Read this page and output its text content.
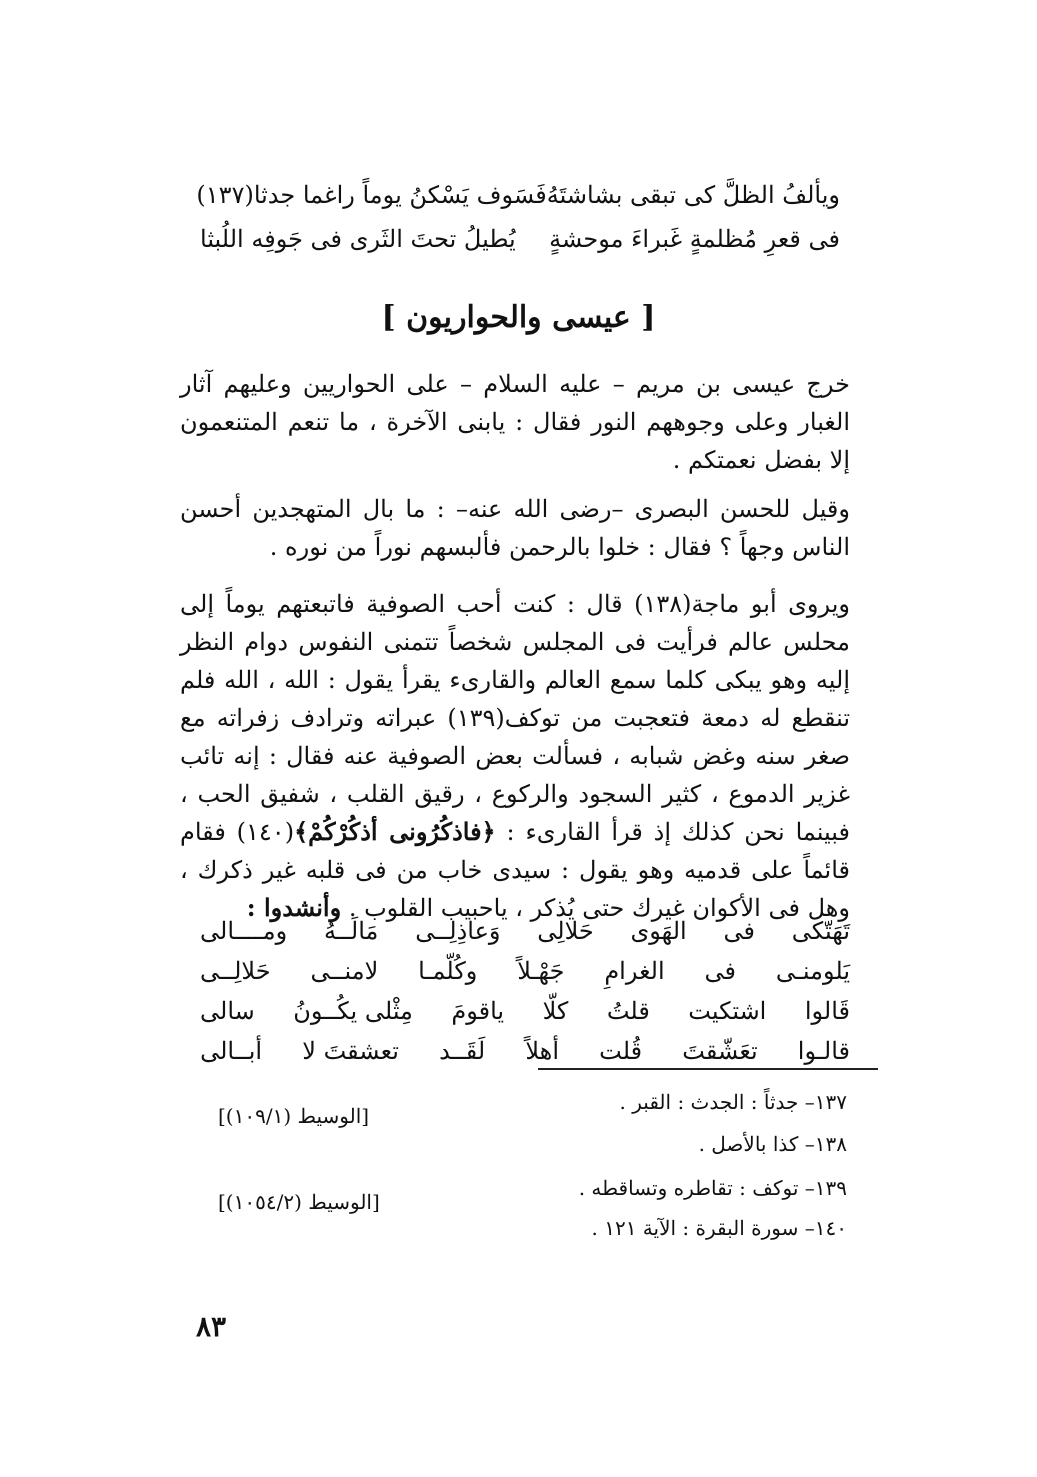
ويألفُ الظلَّ كى تبقى بشاشتَهُ
فَسَوف يَسْكنُ يوماً راغما جدثا(١٣٧)
فى قعرِ مُظلمةٍ غَبراءَ موحشةٍ
يُطيلُ تحتَ الثَرى فى جَوفِه اللُبثا
[ عيسى والحواريون ]
خرج عيسى بن مريم – عليه السلام – على الحواريين وعليهم آثار الغبار وعلى وجوههم النور فقال : يابنى الآخرة ، ما تنعم المتنعمون إلا بفضل نعمتكم .
وقيل للحسن البصرى –رضى الله عنه– : ما بال المتهجدين أحسن الناس وجهاً ؟ فقال : خلوا بالرحمن فألبسهم نوراً من نوره .
ويروى أبو ماجة(١٣٨) قال : كنت أحب الصوفية فاتبعتهم يوماً إلى محلس عالم فرأيت فى المجلس شخصاً تتمنى النفوس دوام النظر إليه وهو يبكى كلما سمع العالم والقارىء يقرأ يقول : الله ، الله فلم تنقطع له دمعة فتعجبت من توكف(١٣٩) عبراته وترادف زفراته مع صغر سنه وغض شبابه ، فسألت بعض الصوفية عنه فقال : إنه تائب غزير الدموع ، كثير السجود والركوع ، رقيق القلب ، شفيق الحب ، فبينما نحن كذلك إذ قرأ القارىء : ﴿فاذكُرُونى أذكُرْكُمْ﴾(١٤٠) فقام قائماً على قدميه وهو يقول : سيدى خاب من فى قلبه غير ذكرك ، وهل فى الأكوان غيرك حتى يُذكر ، ياحبيب القلوب . وأنشدوا :
تَهَتّكى
فى
الهَوى
حَلالِى
وَعاذِلِــى
مَالَــهُ
ومــــالى
يَلومنـى
فى
الغرامِ
جَهْـلاً
وكُلّمـا
لامنــى
حَلالِــى
قَالوا
اشتكيت
قلتُ
كلّا
ياقومَ
مِثْلى يكُــونُ
سالى
قالـوا
تعَشّقتَ
قُلت
أهلاً
لَقَــد
تعشقتَ لا
أبــالى
١٣٧– جدثاً : الجدث : القبر .
[الوسيط (١٠٩/١)]
١٣٨– كذا بالأصل .
١٣٩– توكف : تقاطره وتساقطه .
[الوسيط (١٠٥٤/٢)]
١٤٠– سورة البقرة : الآية ١٢١ .
٨٣
